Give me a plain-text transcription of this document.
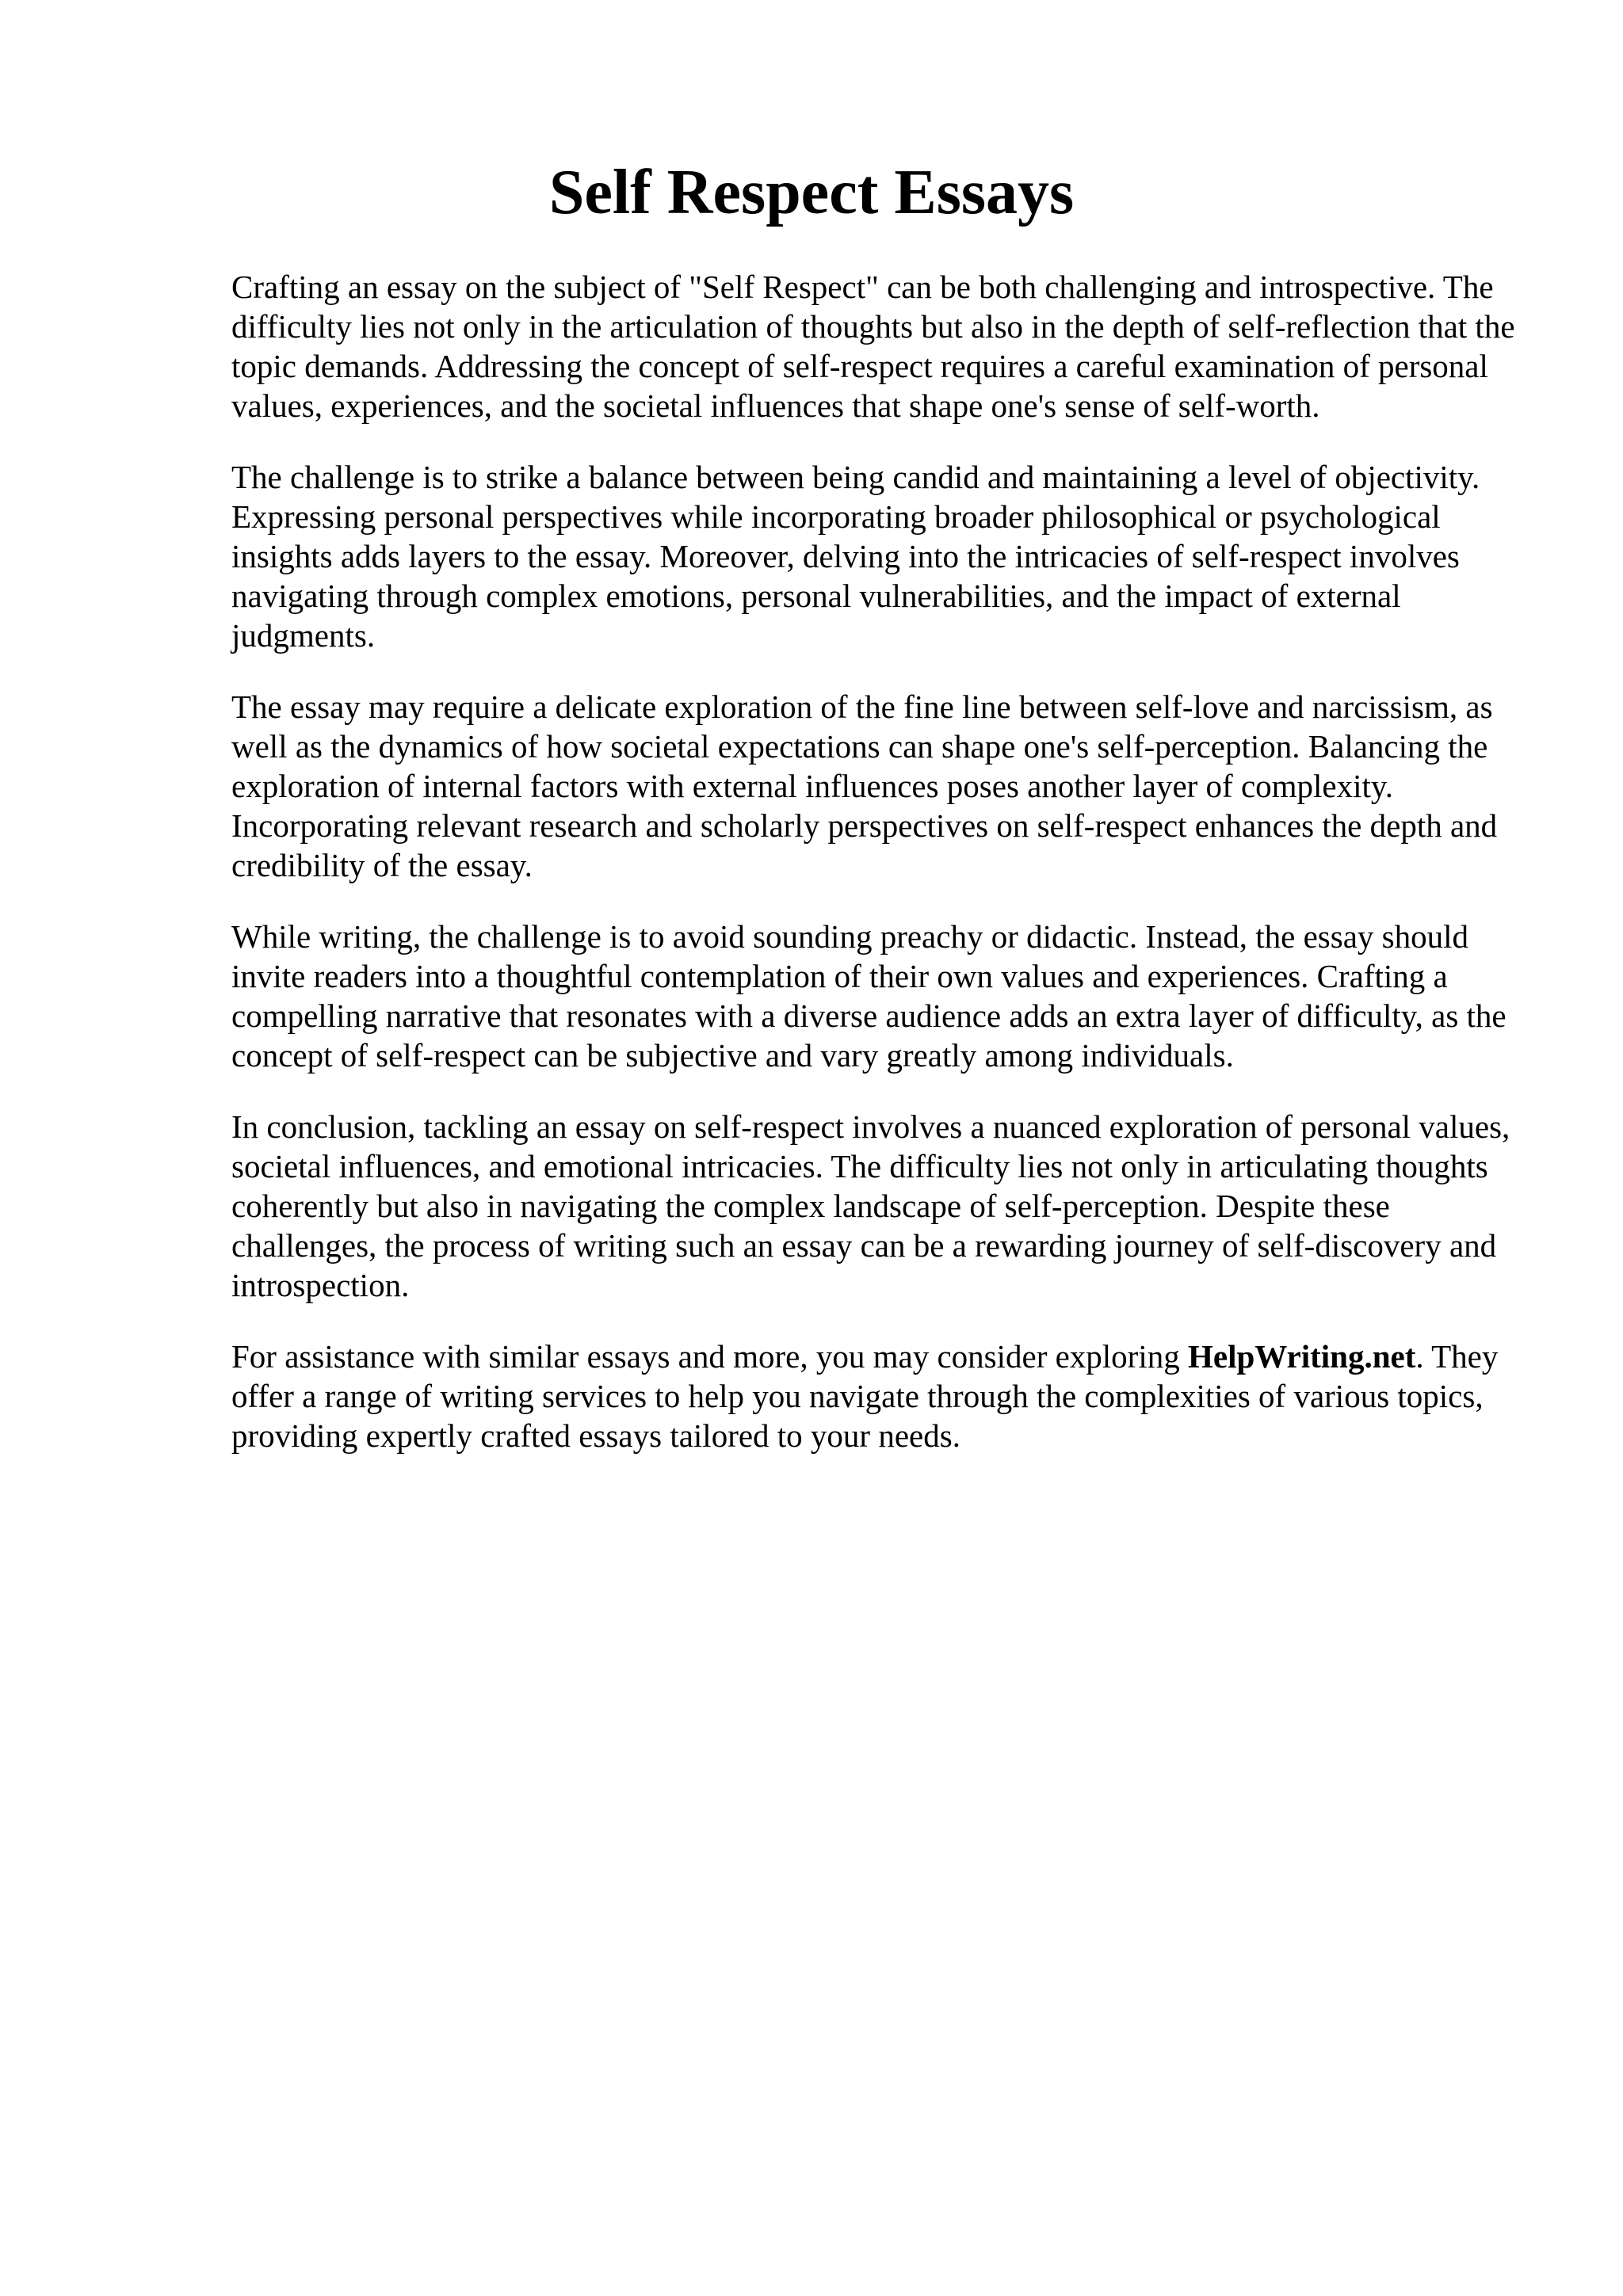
Self Respect Essays

Crafting an essay on the subject of "Self Respect" can be both challenging and introspective. The difficulty lies not only in the articulation of thoughts but also in the depth of self-reflection that the topic demands. Addressing the concept of self-respect requires a careful examination of personal values, experiences, and the societal influences that shape one's sense of self-worth.

The challenge is to strike a balance between being candid and maintaining a level of objectivity. Expressing personal perspectives while incorporating broader philosophical or psychological insights adds layers to the essay. Moreover, delving into the intricacies of self-respect involves navigating through complex emotions, personal vulnerabilities, and the impact of external judgments.

The essay may require a delicate exploration of the fine line between self-love and narcissism, as well as the dynamics of how societal expectations can shape one's self-perception. Balancing the exploration of internal factors with external influences poses another layer of complexity. Incorporating relevant research and scholarly perspectives on self-respect enhances the depth and credibility of the essay.

While writing, the challenge is to avoid sounding preachy or didactic. Instead, the essay should invite readers into a thoughtful contemplation of their own values and experiences. Crafting a compelling narrative that resonates with a diverse audience adds an extra layer of difficulty, as the concept of self-respect can be subjective and vary greatly among individuals.

In conclusion, tackling an essay on self-respect involves a nuanced exploration of personal values, societal influences, and emotional intricacies. The difficulty lies not only in articulating thoughts coherently but also in navigating the complex landscape of self-perception. Despite these challenges, the process of writing such an essay can be a rewarding journey of self-discovery and introspection.

For assistance with similar essays and more, you may consider exploring HelpWriting.net. They offer a range of writing services to help you navigate through the complexities of various topics, providing expertly crafted essays tailored to your needs.
